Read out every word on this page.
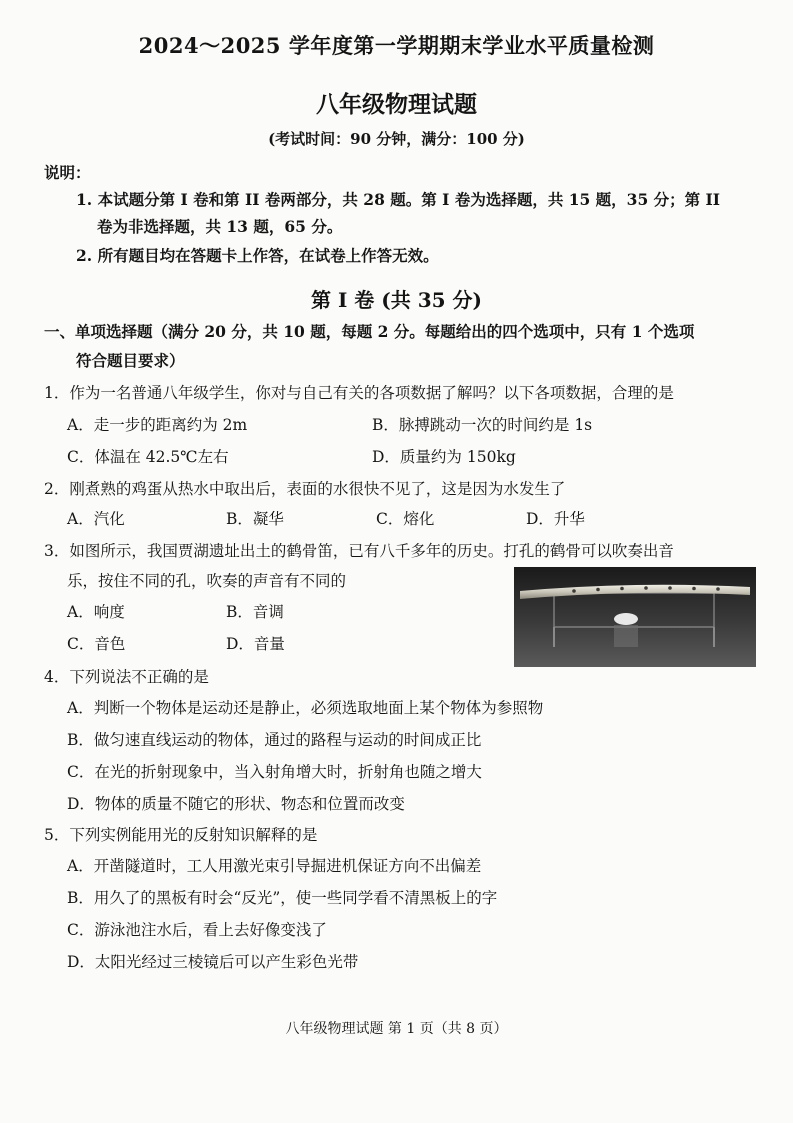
2024～2025 学年度第一学期期末学业水平质量检测
八年级物理试题
(考试时间：90 分钟，满分：100 分)
说明：
1. 本试题分第 I 卷和第 II 卷两部分，共 28 题。第 I 卷为选择题，共 15 题，35 分；第 II
卷为非选择题，共 13 题，65 分。
2. 所有题目均在答题卡上作答，在试卷上作答无效。
第 I 卷 (共 35 分)
一、单项选择题（满分 20 分，共 10 题，每题 2 分。每题给出的四个选项中，只有 1 个选项
符合题目要求）
1．作为一名普通八年级学生，你对与自己有关的各项数据了解吗？以下各项数据，合理的是
A．走一步的距离约为 2m	B．脉搏跳动一次的时间约是 1s
C．体温在 42.5℃左右	D．质量约为 150kg
2．刚煮熟的鸡蛋从热水中取出后，表面的水很快不见了，这是因为水发生了
A．汽化	B．凝华	C．熔化	D．升华
3．如图所示，我国贾湖遗址出土的鹤骨笛，已有八千多年的历史。打孔的鹤骨可以吹奏出音
乐，按住不同的孔，吹奏的声音有不同的
A．响度	B．音调
C．音色	D．音量
4．下列说法不正确的是
A．判断一个物体是运动还是静止，必须选取地面上某个物体为参照物
B．做匀速直线运动的物体，通过的路程与运动的时间成正比
C．在光的折射现象中，当入射角增大时，折射角也随之增大
D．物体的质量不随它的形状、物态和位置而改变
5．下列实例能用光的反射知识解释的是
A．开凿隧道时，工人用激光束引导掘进机保证方向不出偏差
B．用久了的黑板有时会“反光”，使一些同学看不清黑板上的字
C．游泳池注水后，看上去好像变浅了
D．太阳光经过三棱镜后可以产生彩色光带
八年级物理试题 第 1 页（共 8 页）
